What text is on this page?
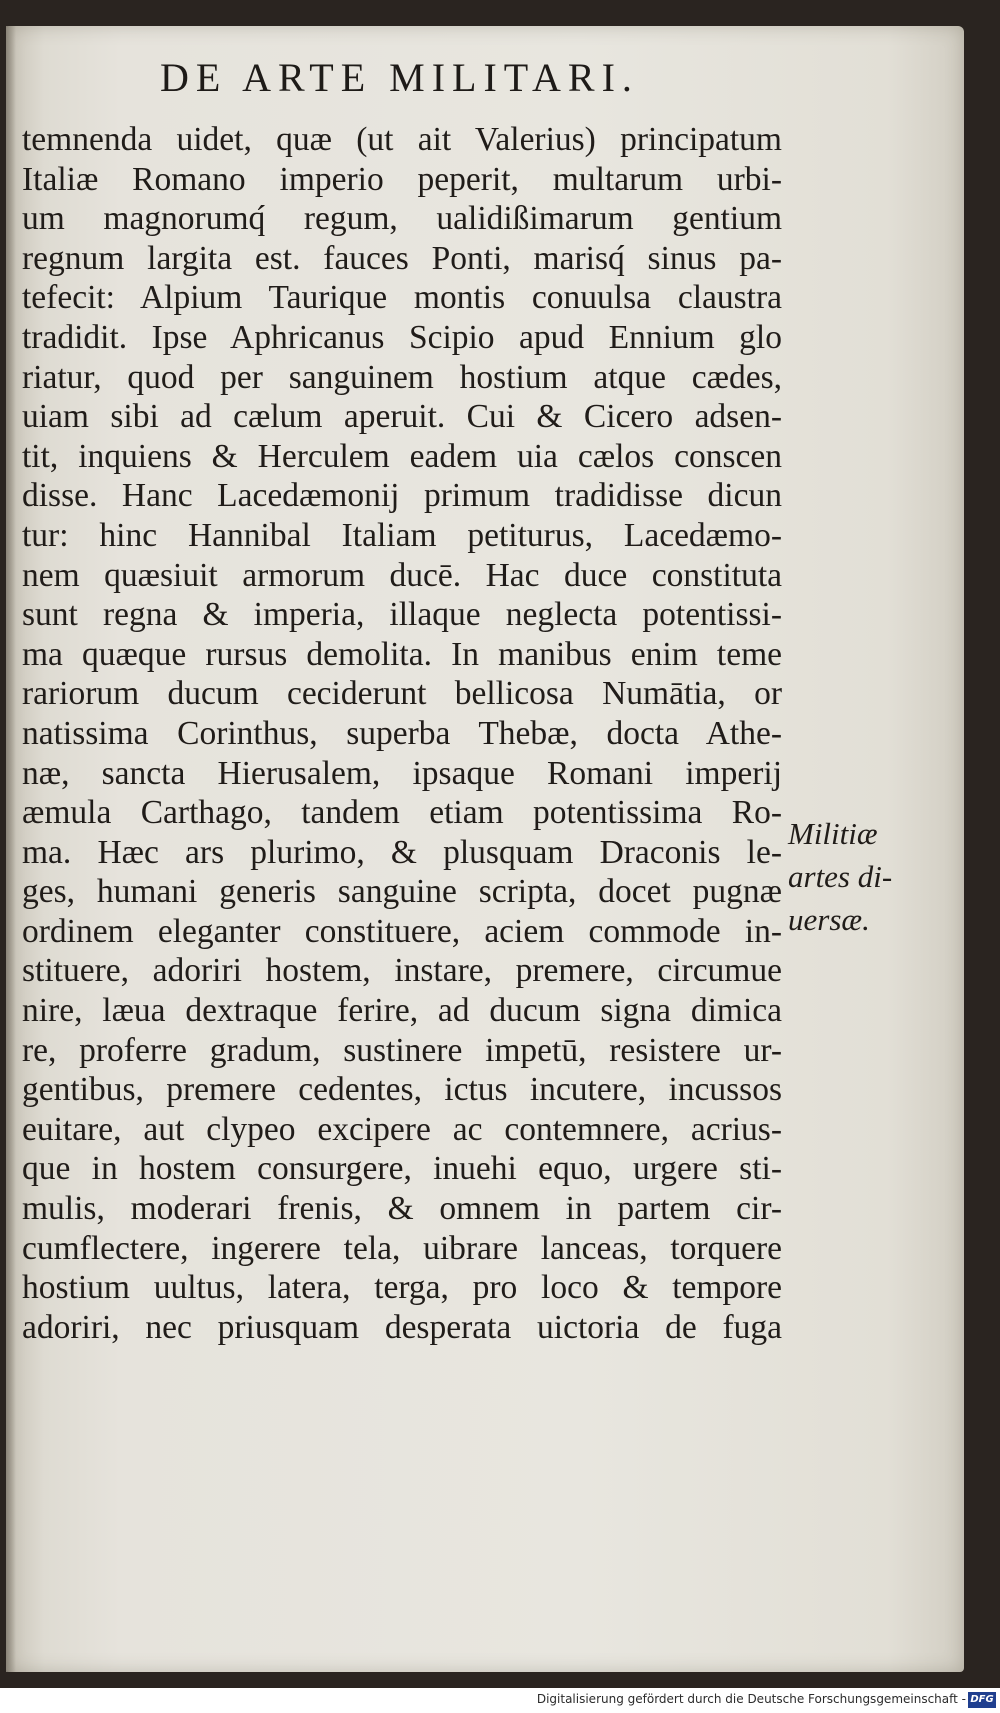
DE ARTE MILITARI.
temnenda uidet, quæ (ut ait Valerius) principatum
Italiæ Romano imperio peperit, multarum urbi-
um magnorumq́ regum, ualidißimarum gentium
regnum largita est. fauces Ponti, marisq́ sinus pa-
tefecit: Alpium Taurique montis conuulsa claustra
tradidit. Ipse Aphricanus Scipio apud Ennium glo
riatur, quod per sanguinem hostium atque cædes,
uiam sibi ad cælum aperuit. Cui & Cicero adsen-
tit, inquiens & Herculem eadem uia cælos conscen
disse. Hanc Lacedæmonij primum tradidisse dicun
tur: hinc Hannibal Italiam petiturus, Lacedæmo-
nem quæsiuit armorum ducē. Hac duce constituta
sunt regna & imperia, illaque neglecta potentissi-
ma quæque rursus demolita. In manibus enim teme
rariorum ducum ceciderunt bellicosa Numātia, or
natissima Corinthus, superba Thebæ, docta Athe-
næ, sancta Hierusalem, ipsaque Romani imperij
æmula Carthago, tandem etiam potentissima Ro-
ma. Hæc ars plurimo, & plusquam Draconis le-
ges, humani generis sanguine scripta, docet pugnæ
ordinem eleganter constituere, aciem commode in-
stituere, adoriri hostem, instare, premere, circumue
nire, læua dextraque ferire, ad ducum signa dimica
re, proferre gradum, sustinere impetū, resistere ur-
gentibus, premere cedentes, ictus incutere, incussos
euitare, aut clypeo excipere ac contemnere, acrius-
que in hostem consurgere, inuehi equo, urgere sti-
mulis, moderari frenis, & omnem in partem cir-
cumflectere, ingerere tela, uibrare lanceas, torquere
hostium uultus, latera, terga, pro loco & tempore
adoriri, nec priusquam desperata uictoria de fuga
Militiæ
artes di-
uersæ.
Digitalisierung gefördert durch die Deutsche Forschungsgemeinschaft - DFG
